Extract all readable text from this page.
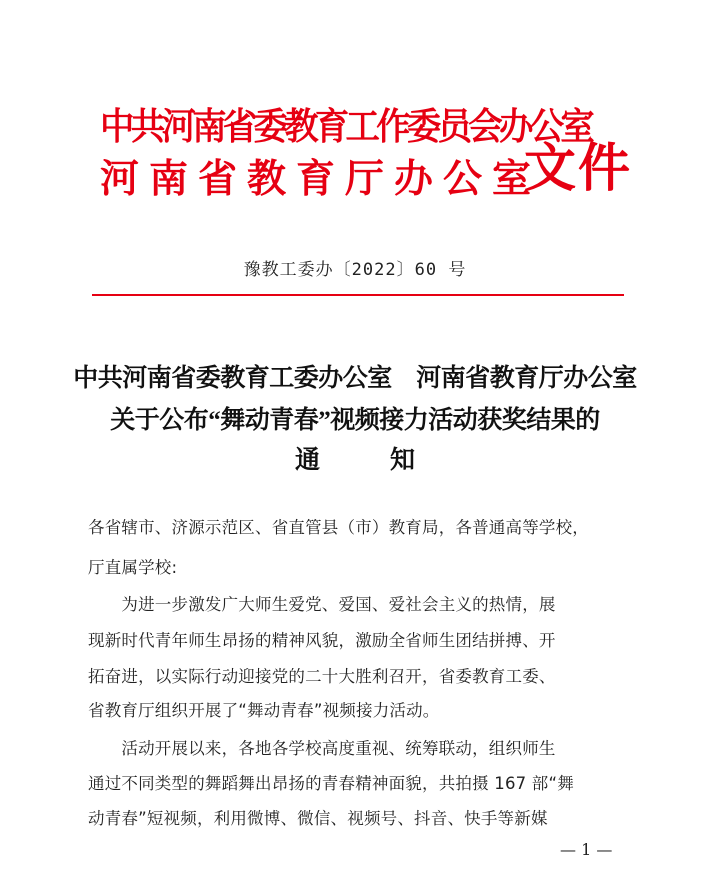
中共河南省委教育工作委员会办公室
河南省教育厅办公室
文件
豫教工委办〔2022〕60 号
中共河南省委教育工委办公室　河南省教育厅办公室
关于公布“舞动青春”视频接力活动获奖结果的
通知
各省辖市、济源示范区、省直管县（市）教育局，各普通高等学校，
厅直属学校:
　　为进一步激发广大师生爱党、爱国、爱社会主义的热情，展
现新时代青年师生昂扬的精神风貌，激励全省师生团结拼搏、开
拓奋进，以实际行动迎接党的二十大胜利召开，省委教育工委、
省教育厅组织开展了“舞动青春”视频接力活动。
　　活动开展以来，各地各学校高度重视、统筹联动，组织师生
通过不同类型的舞蹈舞出昂扬的青春精神面貌，共拍摄 167 部“舞
动青春”短视频，利用微博、微信、视频号、抖音、快手等新媒
— 1 —
